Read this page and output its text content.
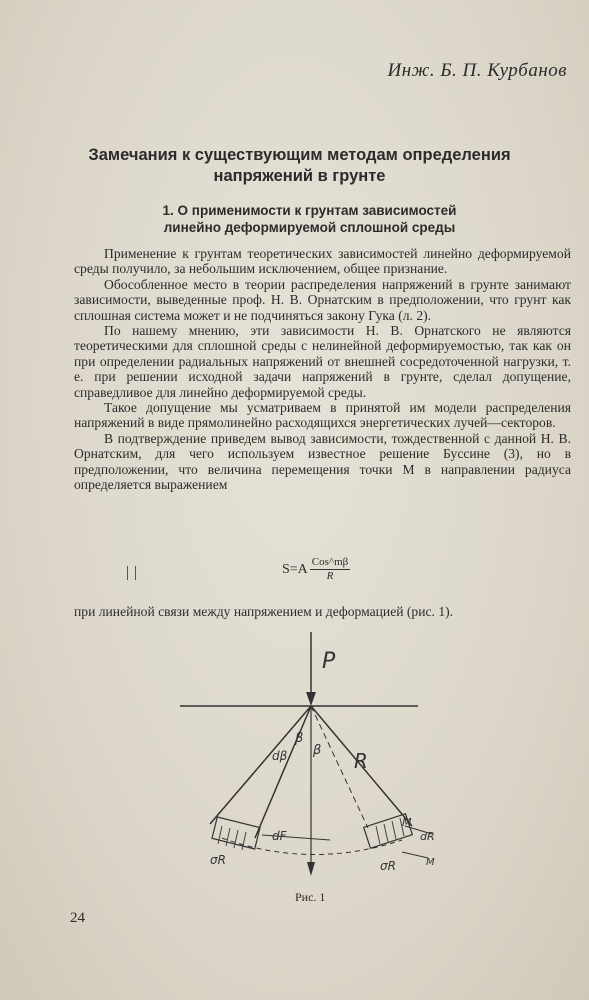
Инж. Б. П. Курбанов
Замечания к существующим методам определения
напряжений в грунте
1. О применимости к грунтам зависимостей
линейно деформируемой сплошной среды

Применение к грунтам теоретических зависимостей линейно деформируемой среды получило, за небольшим исключением, общее признание.

Обособленное место в теории распределения напряжений в грунте занимают зависимости, выведенные проф. Н. В. Орнатским в предположении, что грунт как сплошная система может и не подчиняться закону Гука (л. 2).

По нашему мнению, эти зависимости Н. В. Орнатского не являются теоретическими для сплошной среды с нелинейной деформируемостью, так как он при определении радиальных напряжений от внешней сосредоточенной нагрузки, т. е. при решении исходной задачи напряжений в грунте, сделал допущение, справедливое для линейно деформируемой среды.

Такое допущение мы усматриваем в принятой им модели распределения напряжений в виде прямолинейно расходящихся энергетических лучей—секторов.

В подтверждение приведем вывод зависимости, тождественной с данной Н. В. Орнатским, для чего используем известное решение Буссине (3), но в предположении, что величина перемещения точки М в направлении радиуса определяется выражением

$S=A \frac{\text{Cos\textasciicircum{}mβ}}{R}$
при линейной связи между напряжением и деформацией (рис. 1).
P
R
β
β
dβ
dF	dR
M
M
σR	σR
Рис. 1
24
